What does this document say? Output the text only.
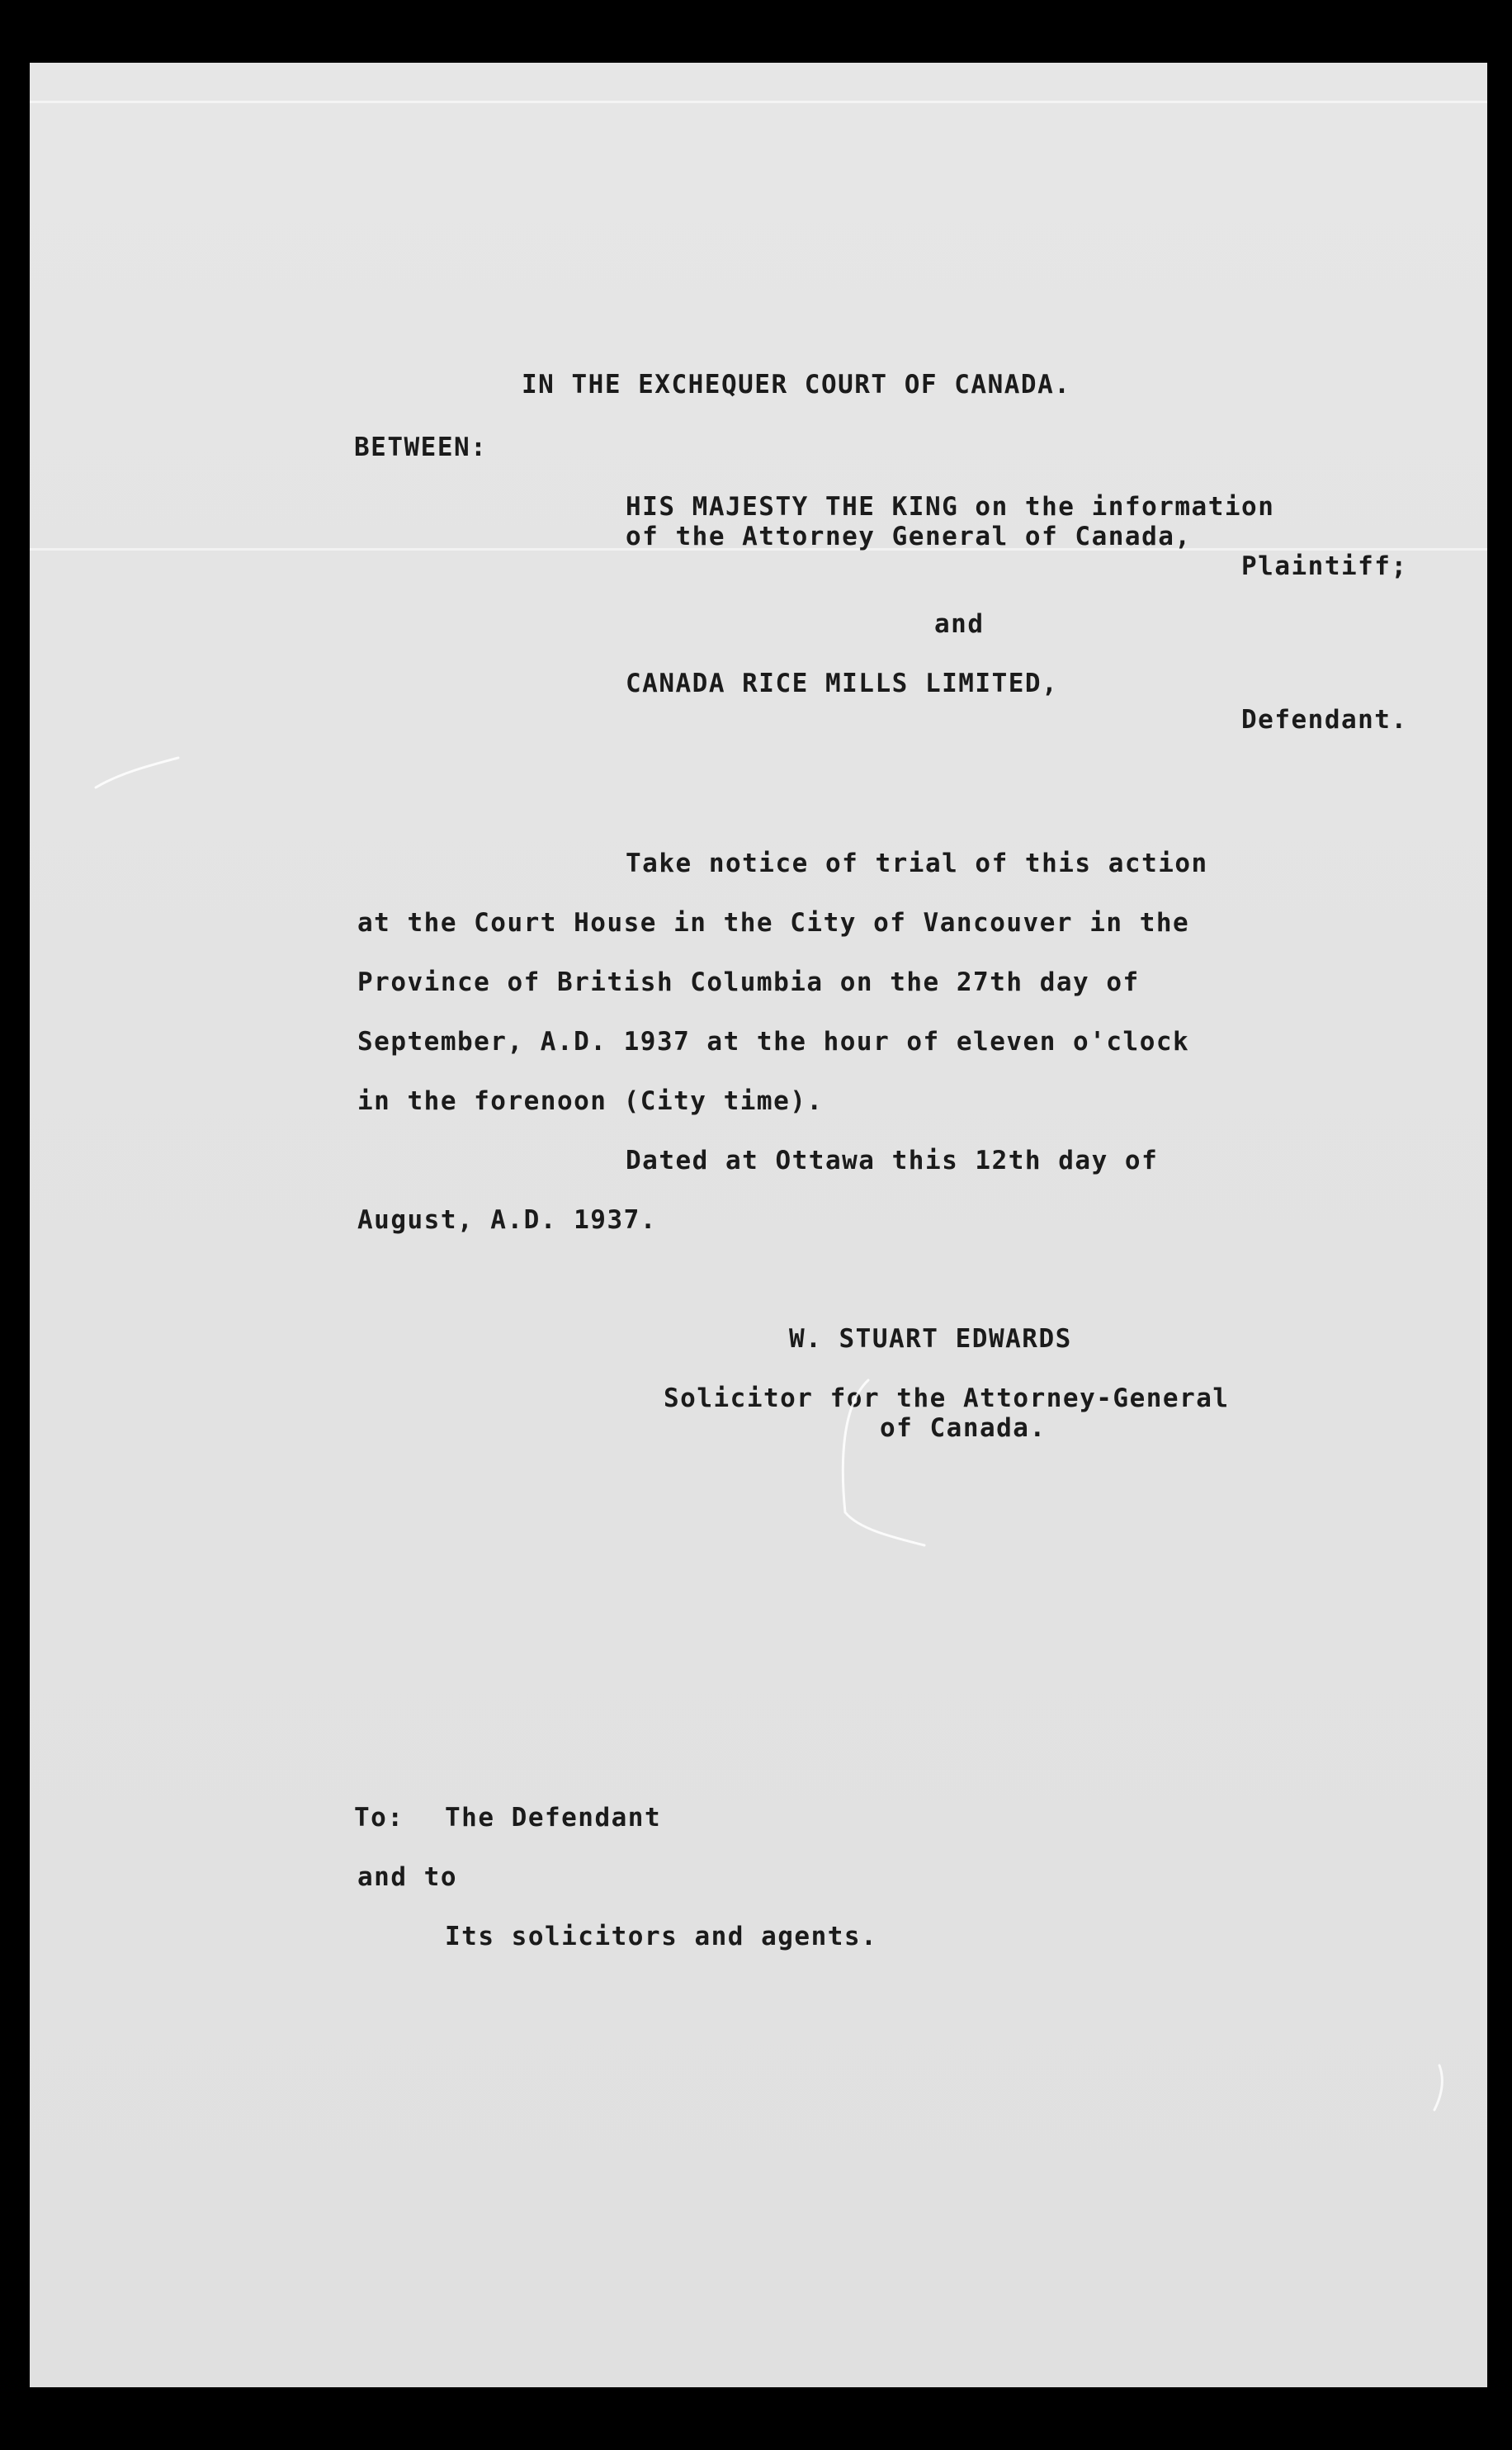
IN THE EXCHEQUER COURT OF CANADA.

BETWEEN:

HIS MAJESTY THE KING on the information

of the Attorney General of Canada,

Plaintiff;

and

CANADA RICE MILLS LIMITED,

Defendant.

Take notice of trial of this action

at the Court House in the City of Vancouver in the

Province of British Columbia on the 27th day of

September, A.D. 1937 at the hour of eleven o'clock

in the forenoon (City time).

Dated at Ottawa this 12th day of

August, A.D. 1937.

W. STUART EDWARDS

Solicitor for the Attorney-General

of Canada.

To: The Defendant

and to

Its solicitors and agents.
